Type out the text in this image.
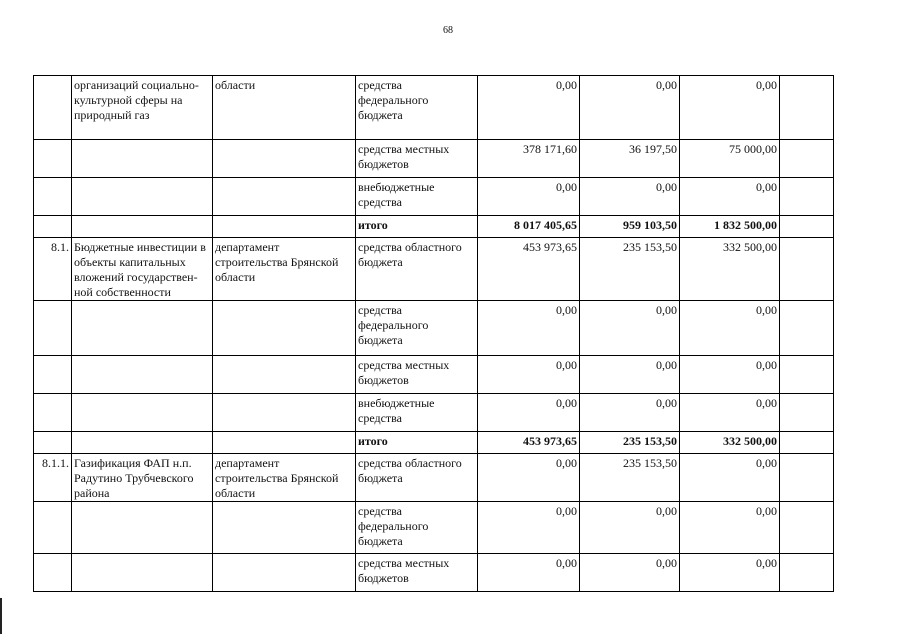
68
	организаций социально-культурной сферы на природный газ	области	средства федерального бюджета	0,00	0,00	0,00	
			средства местных бюджетов	378 171,60	36 197,50	75 000,00	
			внебюджетные средства	0,00	0,00	0,00	
			итого	8 017 405,65	959 103,50	1 832 500,00	
8.1.	Бюджетные инвестиции в объекты капитальных вложений государствен-ной собственности	департамент строительства Брянской области	средства областного бюджета	453 973,65	235 153,50	332 500,00	
			средства федерального бюджета	0,00	0,00	0,00	
			средства местных бюджетов	0,00	0,00	0,00	
			внебюджетные средства	0,00	0,00	0,00	
			итого	453 973,65	235 153,50	332 500,00	
8.1.1.	Газификация ФАП н.п. Радутино Трубчевского района	департамент строительства Брянской области	средства областного бюджета	0,00	235 153,50	0,00	
			средства федерального бюджета	0,00	0,00	0,00	
			средства местных бюджетов	0,00	0,00	0,00	
